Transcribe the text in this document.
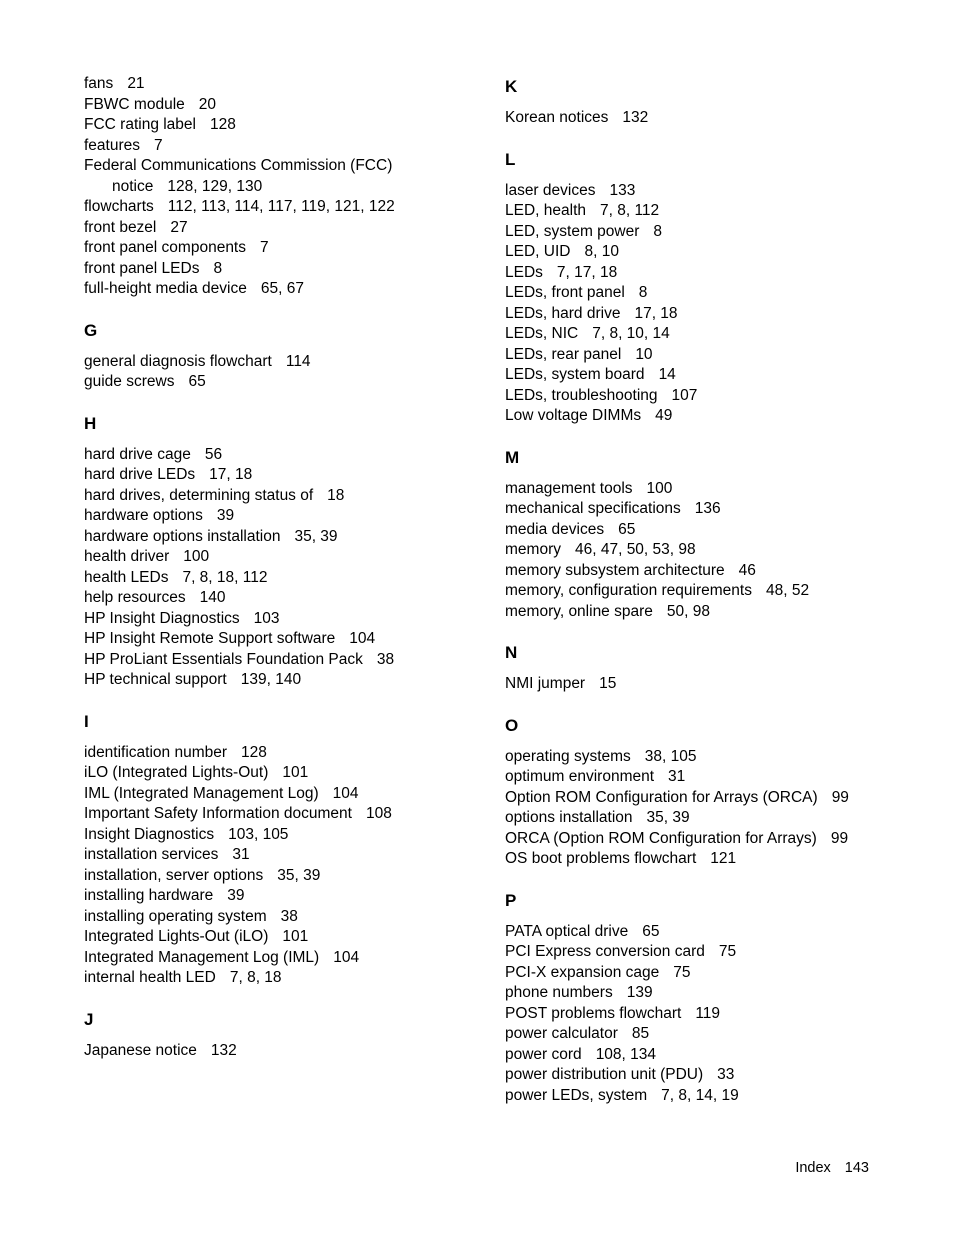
fans 21
FBWC module 20
FCC rating label 128
features 7
Federal Communications Commission (FCC)
notice 128, 129, 130
flowcharts 112, 113, 114, 117, 119, 121, 122
front bezel 27
front panel components 7
front panel LEDs 8
full-height media device 65, 67
G
general diagnosis flowchart 114
guide screws 65
H
hard drive cage 56
hard drive LEDs 17, 18
hard drives, determining status of 18
hardware options 39
hardware options installation 35, 39
health driver 100
health LEDs 7, 8, 18, 112
help resources 140
HP Insight Diagnostics 103
HP Insight Remote Support software 104
HP ProLiant Essentials Foundation Pack 38
HP technical support 139, 140
I
identification number 128
iLO (Integrated Lights-Out) 101
IML (Integrated Management Log) 104
Important Safety Information document 108
Insight Diagnostics 103, 105
installation services 31
installation, server options 35, 39
installing hardware 39
installing operating system 38
Integrated Lights-Out (iLO) 101
Integrated Management Log (IML) 104
internal health LED 7, 8, 18
J
Japanese notice 132
K
Korean notices 132
L
laser devices 133
LED, health 7, 8, 112
LED, system power 8
LED, UID 8, 10
LEDs 7, 17, 18
LEDs, front panel 8
LEDs, hard drive 17, 18
LEDs, NIC 7, 8, 10, 14
LEDs, rear panel 10
LEDs, system board 14
LEDs, troubleshooting 107
Low voltage DIMMs 49
M
management tools 100
mechanical specifications 136
media devices 65
memory 46, 47, 50, 53, 98
memory subsystem architecture 46
memory, configuration requirements 48, 52
memory, online spare 50, 98
N
NMI jumper 15
O
operating systems 38, 105
optimum environment 31
Option ROM Configuration for Arrays (ORCA) 99
options installation 35, 39
ORCA (Option ROM Configuration for Arrays) 99
OS boot problems flowchart 121
P
PATA optical drive 65
PCI Express conversion card 75
PCI-X expansion cage 75
phone numbers 139
POST problems flowchart 119
power calculator 85
power cord 108, 134
power distribution unit (PDU) 33
power LEDs, system 7, 8, 14, 19
Index 143
